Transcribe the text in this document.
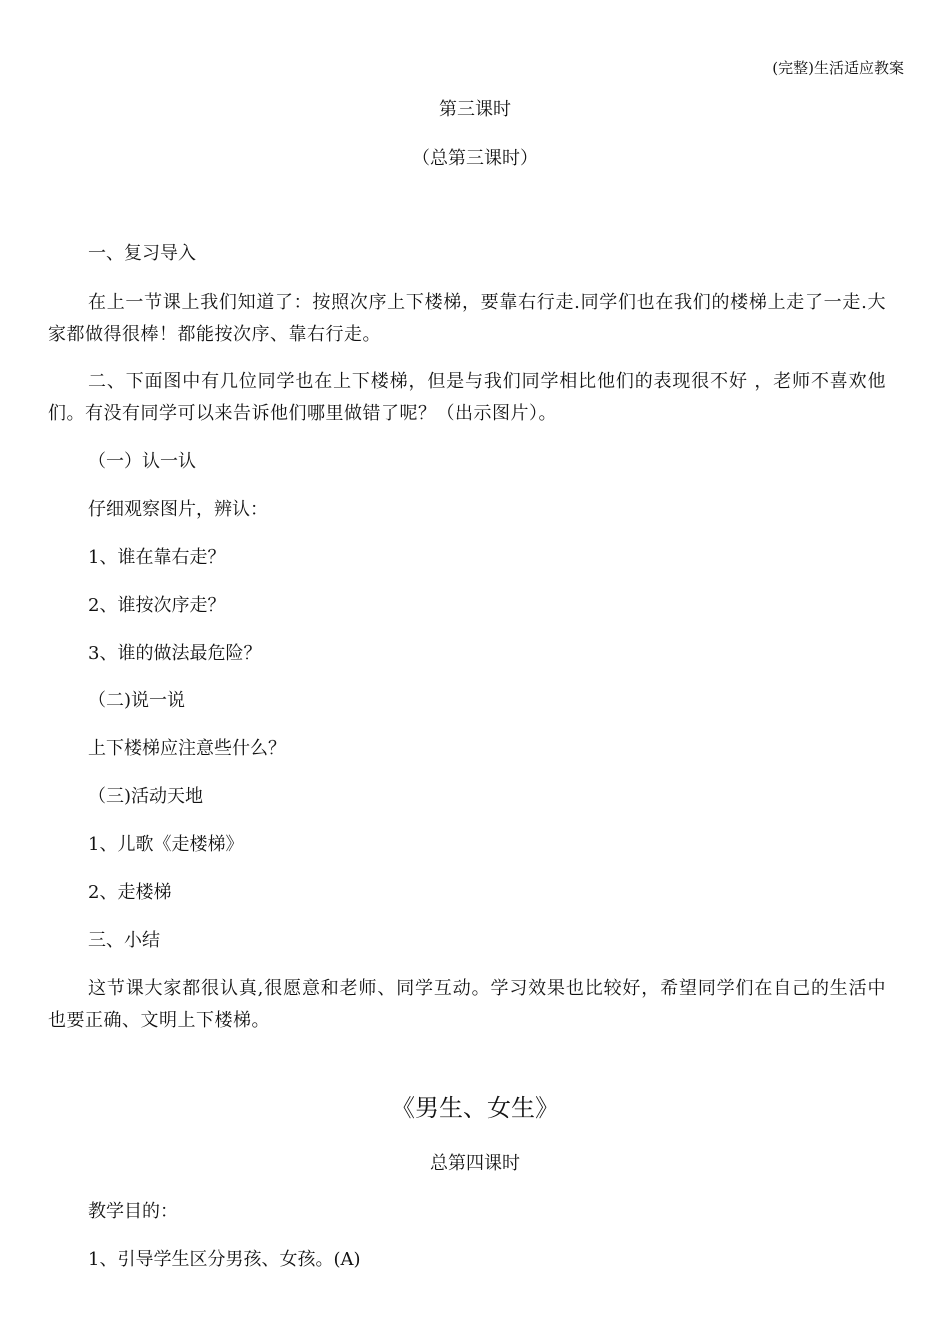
(完整)生活适应教案
第三课时
（总第三课时）
一、复习导入
在上一节课上我们知道了：按照次序上下楼梯，要靠右行走.同学们也在我们的楼梯上走了一走.大家都做得很棒！都能按次序、靠右行走。
二、下面图中有几位同学也在上下楼梯，但是与我们同学相比他们的表现很不好 ，老师不喜欢他们。有没有同学可以来告诉他们哪里做错了呢？（出示图片）。
（一）认一认
仔细观察图片，辨认：
1、谁在靠右走？
2、谁按次序走？
3、谁的做法最危险？
（二)说一说
上下楼梯应注意些什么？
（三)活动天地
1、儿歌《走楼梯》
2、走楼梯
三、小结
这节课大家都很认真,很愿意和老师、同学互动。学习效果也比较好，希望同学们在自己的生活中也要正确、文明上下楼梯。
《男生、女生》
总第四课时
教学目的：
1、引导学生区分男孩、女孩。(A)
